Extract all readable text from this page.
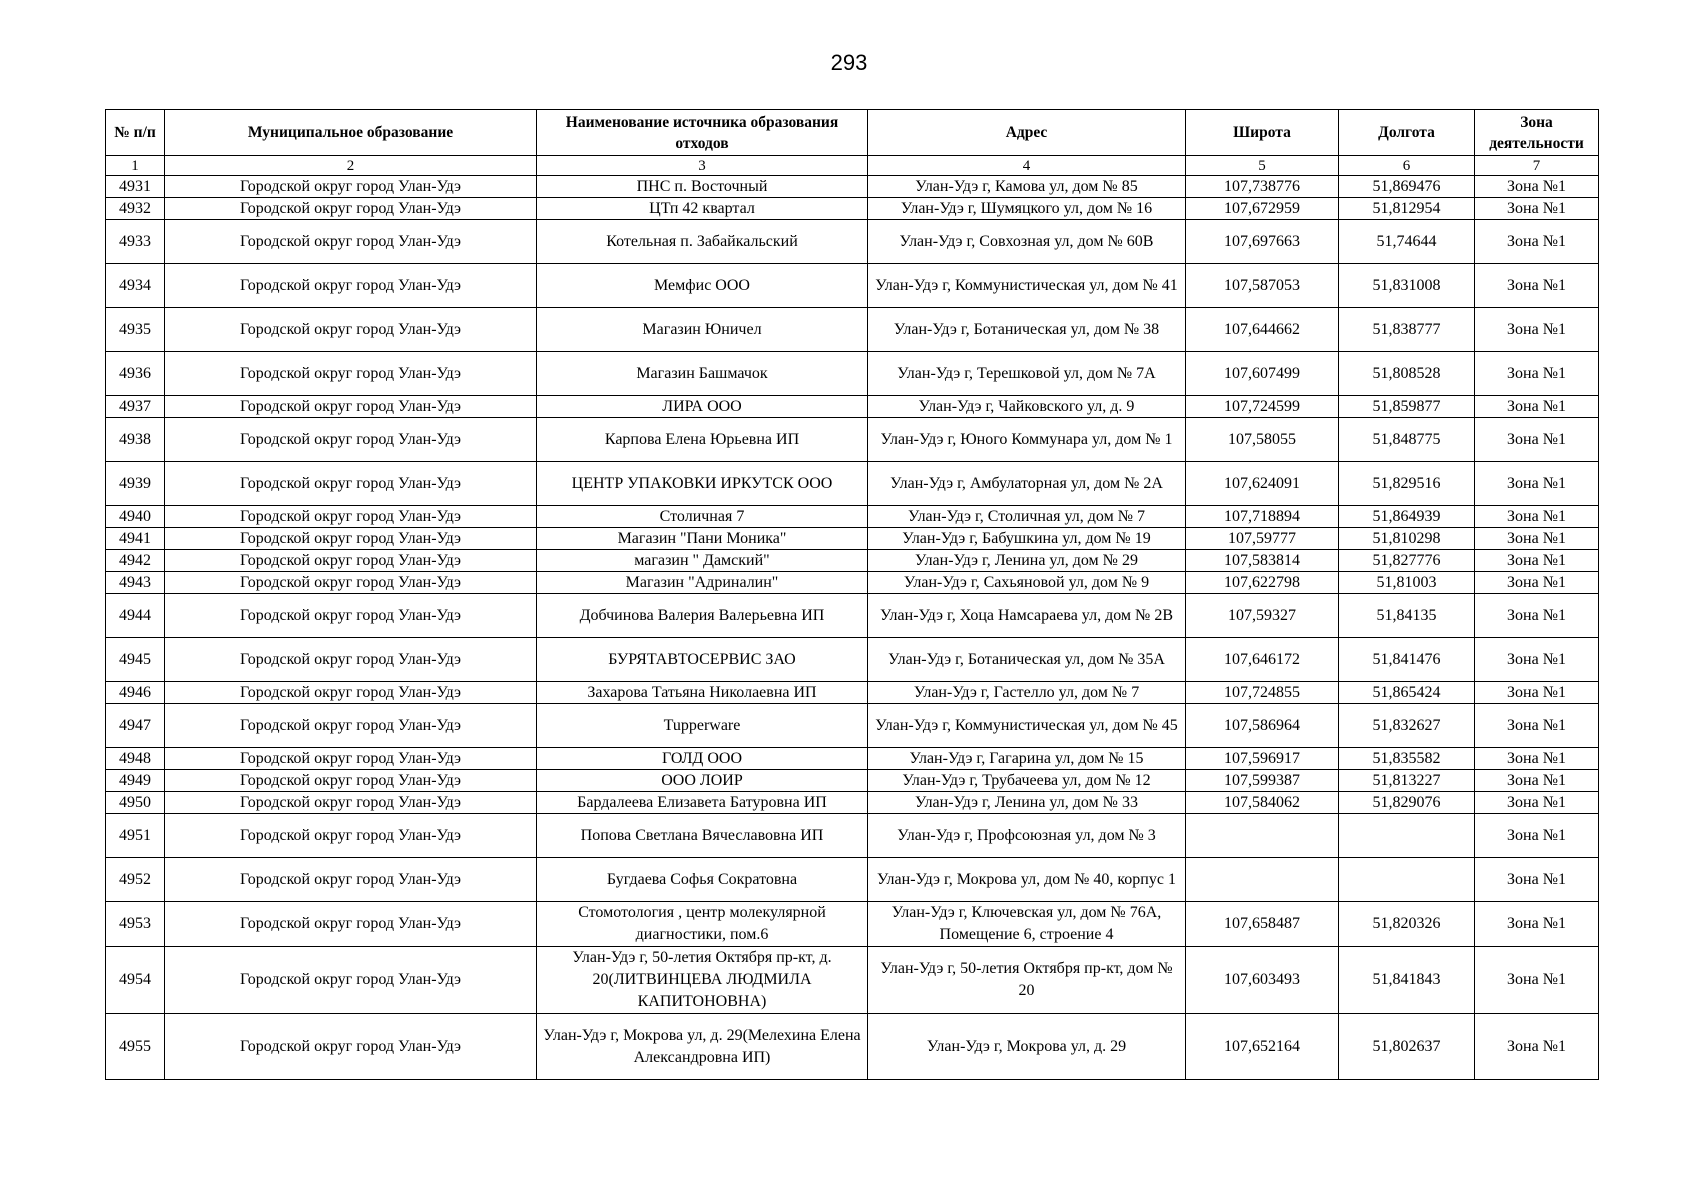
293
№ п/п	Муниципальное образование	Наименование источника образования отходов	Адрес	Широта	Долгота	Зона деятельности
1	2	3	4	5	6	7
4931	Городской округ город Улан-Удэ	ПНС п. Восточный	Улан-Удэ г, Камова ул, дом № 85	107,738776	51,869476	Зона №1
4932	Городской округ город Улан-Удэ	ЦТп 42 квартал	Улан-Удэ г, Шумяцкого ул, дом № 16	107,672959	51,812954	Зона №1
4933	Городской округ город Улан-Удэ	Котельная п. Забайкальский	Улан-Удэ г, Совхозная ул, дом № 60В	107,697663	51,74644	Зона №1
4934	Городской округ город Улан-Удэ	Мемфис ООО	Улан-Удэ г, Коммунистическая ул, дом № 41	107,587053	51,831008	Зона №1
4935	Городской округ город Улан-Удэ	Магазин Юничел	Улан-Удэ г, Ботаническая ул, дом № 38	107,644662	51,838777	Зона №1
4936	Городской округ город Улан-Удэ	Магазин Башмачок	Улан-Удэ г, Терешковой ул, дом № 7А	107,607499	51,808528	Зона №1
4937	Городской округ город Улан-Удэ	ЛИРА ООО	Улан-Удэ г, Чайковского ул, д. 9	107,724599	51,859877	Зона №1
4938	Городской округ город Улан-Удэ	Карпова Елена Юрьевна ИП	Улан-Удэ г, Юного Коммунара ул, дом № 1	107,58055	51,848775	Зона №1
4939	Городской округ город Улан-Удэ	ЦЕНТР УПАКОВКИ ИРКУТСК ООО	Улан-Удэ г, Амбулаторная ул, дом № 2А	107,624091	51,829516	Зона №1
4940	Городской округ город Улан-Удэ	Столичная 7	Улан-Удэ г, Столичная ул, дом № 7	107,718894	51,864939	Зона №1
4941	Городской округ город Улан-Удэ	Магазин "Пани Моника"	Улан-Удэ г, Бабушкина ул, дом № 19	107,59777	51,810298	Зона №1
4942	Городской округ город Улан-Удэ	магазин " Дамский"	Улан-Удэ г, Ленина ул, дом № 29	107,583814	51,827776	Зона №1
4943	Городской округ город Улан-Удэ	Магазин "Адриналин"	Улан-Удэ г, Сахьяновой ул, дом № 9	107,622798	51,81003	Зона №1
4944	Городской округ город Улан-Удэ	Добчинова Валерия Валерьевна ИП	Улан-Удэ г, Хоца Намсараева ул, дом № 2В	107,59327	51,84135	Зона №1
4945	Городской округ город Улан-Удэ	БУРЯТАВТОСЕРВИС ЗАО	Улан-Удэ г, Ботаническая ул, дом № 35А	107,646172	51,841476	Зона №1
4946	Городской округ город Улан-Удэ	Захарова Татьяна Николаевна ИП	Улан-Удэ г, Гастелло ул, дом № 7	107,724855	51,865424	Зона №1
4947	Городской округ город Улан-Удэ	Tupperware	Улан-Удэ г, Коммунистическая ул, дом № 45	107,586964	51,832627	Зона №1
4948	Городской округ город Улан-Удэ	ГОЛД ООО	Улан-Удэ г, Гагарина ул, дом № 15	107,596917	51,835582	Зона №1
4949	Городской округ город Улан-Удэ	ООО ЛОИР	Улан-Удэ г, Трубачеева ул, дом № 12	107,599387	51,813227	Зона №1
4950	Городской округ город Улан-Удэ	Бардалеева Елизавета Батуровна ИП	Улан-Удэ г, Ленина ул, дом № 33	107,584062	51,829076	Зона №1
4951	Городской округ город Улан-Удэ	Попова Светлана Вячеславовна ИП	Улан-Удэ г, Профсоюзная ул, дом № 3			Зона №1
4952	Городской округ город Улан-Удэ	Бугдаева Софья Сократовна	Улан-Удэ г, Мокрова ул, дом № 40, корпус 1			Зона №1
4953	Городской округ город Улан-Удэ	Стомотология , центр молекулярной диагностики, пом.6	Улан-Удэ г, Ключевская ул, дом № 76А, Помещение 6, строение 4	107,658487	51,820326	Зона №1
4954	Городской округ город Улан-Удэ	Улан-Удэ г, 50-летия Октября пр-кт, д. 20(ЛИТВИНЦЕВА ЛЮДМИЛА КАПИТОНОВНА)	Улан-Удэ г, 50-летия Октября пр-кт, дом № 20	107,603493	51,841843	Зона №1
4955	Городской округ город Улан-Удэ	Улан-Удэ г, Мокрова ул, д. 29(Мелехина Елена Александровна ИП)	Улан-Удэ г, Мокрова ул, д. 29	107,652164	51,802637	Зона №1
